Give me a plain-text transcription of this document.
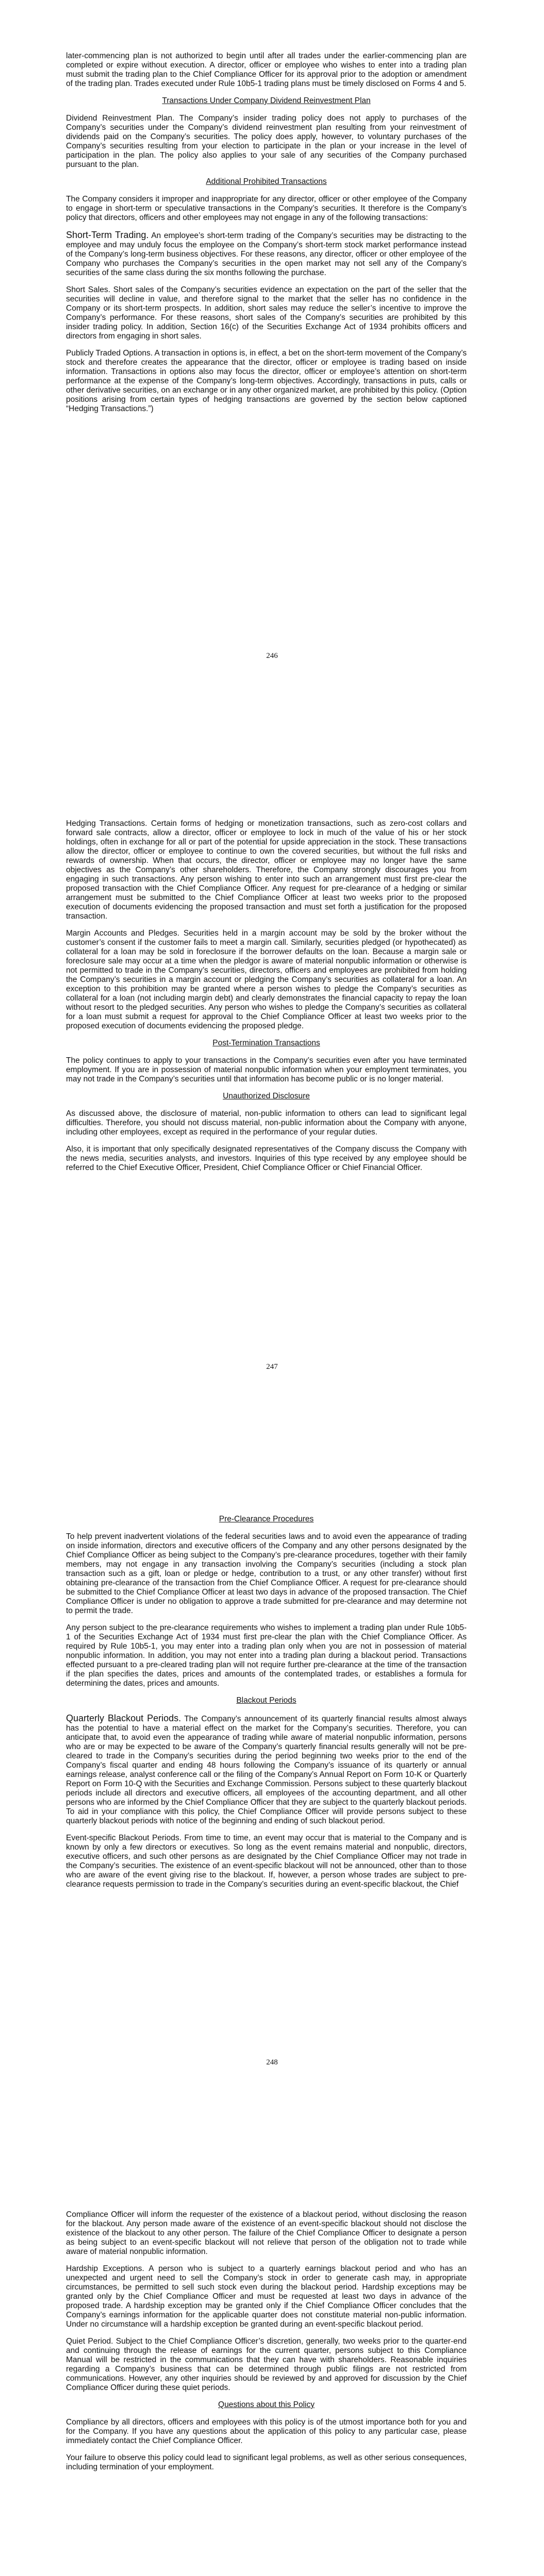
later-commencing plan is not authorized to begin until after all trades under the earlier-commencing plan are completed or expire without execution. A director, officer or employee who wishes to enter into a trading plan must submit the trading plan to the Chief Compliance Officer for its approval prior to the adoption or amendment of the trading plan. Trades executed under Rule 10b5-1 trading plans must be timely disclosed on Forms 4 and 5.

Transactions Under Company Dividend Reinvestment Plan

Dividend Reinvestment Plan. The Company’s insider trading policy does not apply to purchases of the Company’s securities under the Company’s dividend reinvestment plan resulting from your reinvestment of dividends paid on the Company’s securities. The policy does apply, however, to voluntary purchases of the Company’s securities resulting from your election to participate in the plan or your increase in the level of participation in the plan. The policy also applies to your sale of any securities of the Company purchased pursuant to the plan.

Additional Prohibited Transactions

The Company considers it improper and inappropriate for any director, officer or other employee of the Company to engage in short-term or speculative transactions in the Company’s securities. It therefore is the Company’s policy that directors, officers and other employees may not engage in any of the following transactions:

Short-Term Trading. An employee’s short-term trading of the Company’s securities may be distracting to the employee and may unduly focus the employee on the Company’s short-term stock market performance instead of the Company’s long-term business objectives. For these reasons, any director, officer or other employee of the Company who purchases the Company’s securities in the open market may not sell any of the Company’s securities of the same class during the six months following the purchase.

Short Sales. Short sales of the Company’s securities evidence an expectation on the part of the seller that the securities will decline in value, and therefore signal to the market that the seller has no confidence in the Company or its short-term prospects. In addition, short sales may reduce the seller’s incentive to improve the Company’s performance. For these reasons, short sales of the Company’s securities are prohibited by this insider trading policy. In addition, Section 16(c) of the Securities Exchange Act of 1934 prohibits officers and directors from engaging in short sales.

Publicly Traded Options. A transaction in options is, in effect, a bet on the short-term movement of the Company’s stock and therefore creates the appearance that the director, officer or employee is trading based on inside information. Transactions in options also may focus the director, officer or employee’s attention on short-term performance at the expense of the Company’s long-term objectives. Accordingly, transactions in puts, calls or other derivative securities, on an exchange or in any other organized market, are prohibited by this policy. (Option positions arising from certain types of hedging transactions are governed by the section below captioned “Hedging Transactions.”)

246

Hedging Transactions. Certain forms of hedging or monetization transactions, such as zero-cost collars and forward sale contracts, allow a director, officer or employee to lock in much of the value of his or her stock holdings, often in exchange for all or part of the potential for upside appreciation in the stock. These transactions allow the director, officer or employee to continue to own the covered securities, but without the full risks and rewards of ownership. When that occurs, the director, officer or employee may no longer have the same objectives as the Company’s other shareholders. Therefore, the Company strongly discourages you from engaging in such transactions. Any person wishing to enter into such an arrangement must first pre-clear the proposed transaction with the Chief Compliance Officer. Any request for pre-clearance of a hedging or similar arrangement must be submitted to the Chief Compliance Officer at least two weeks prior to the proposed execution of documents evidencing the proposed transaction and must set forth a justification for the proposed transaction.

Margin Accounts and Pledges. Securities held in a margin account may be sold by the broker without the customer’s consent if the customer fails to meet a margin call. Similarly, securities pledged (or hypothecated) as collateral for a loan may be sold in foreclosure if the borrower defaults on the loan. Because a margin sale or foreclosure sale may occur at a time when the pledgor is aware of material nonpublic information or otherwise is not permitted to trade in the Company’s securities, directors, officers and employees are prohibited from holding the Company’s securities in a margin account or pledging the Company’s securities as collateral for a loan. An exception to this prohibition may be granted where a person wishes to pledge the Company’s securities as collateral for a loan (not including margin debt) and clearly demonstrates the financial capacity to repay the loan without resort to the pledged securities. Any person who wishes to pledge the Company’s securities as collateral for a loan must submit a request for approval to the Chief Compliance Officer at least two weeks prior to the proposed execution of documents evidencing the proposed pledge.

Post-Termination Transactions

The policy continues to apply to your transactions in the Company’s securities even after you have terminated employment. If you are in possession of material nonpublic information when your employment terminates, you may not trade in the Company’s securities until that information has become public or is no longer material.

Unauthorized Disclosure

As discussed above, the disclosure of material, non-public information to others can lead to significant legal difficulties. Therefore, you should not discuss material, non-public information about the Company with anyone, including other employees, except as required in the performance of your regular duties.

Also, it is important that only specifically designated representatives of the Company discuss the Company with the news media, securities analysts, and investors. Inquiries of this type received by any employee should be referred to the Chief Executive Officer, President, Chief Compliance Officer or Chief Financial Officer.

247
Pre-Clearance Procedures

To help prevent inadvertent violations of the federal securities laws and to avoid even the appearance of trading on inside information, directors and executive officers of the Company and any other persons designated by the Chief Compliance Officer as being subject to the Company’s pre-clearance procedures, together with their family members, may not engage in any transaction involving the Company’s securities (including a stock plan transaction such as a gift, loan or pledge or hedge, contribution to a trust, or any other transfer) without first obtaining pre-clearance of the transaction from the Chief Compliance Officer. A request for pre-clearance should be submitted to the Chief Compliance Officer at least two days in advance of the proposed transaction. The Chief Compliance Officer is under no obligation to approve a trade submitted for pre-clearance and may determine not to permit the trade.

Any person subject to the pre-clearance requirements who wishes to implement a trading plan under Rule 10b5-1 of the Securities Exchange Act of 1934 must first pre-clear the plan with the Chief Compliance Officer. As required by Rule 10b5-1, you may enter into a trading plan only when you are not in possession of material nonpublic information. In addition, you may not enter into a trading plan during a blackout period. Transactions effected pursuant to a pre-cleared trading plan will not require further pre-clearance at the time of the transaction if the plan specifies the dates, prices and amounts of the contemplated trades, or establishes a formula for determining the dates, prices and amounts.

Blackout Periods

Quarterly Blackout Periods. The Company’s announcement of its quarterly financial results almost always has the potential to have a material effect on the market for the Company’s securities. Therefore, you can anticipate that, to avoid even the appearance of trading while aware of material nonpublic information, persons who are or may be expected to be aware of the Company’s quarterly financial results generally will not be pre-cleared to trade in the Company’s securities during the period beginning two weeks prior to the end of the Company’s fiscal quarter and ending 48 hours following the Company’s issuance of its quarterly or annual earnings release, analyst conference call or the filing of the Company’s Annual Report on Form 10-K or Quarterly Report on Form 10-Q with the Securities and Exchange Commission. Persons subject to these quarterly blackout periods include all directors and executive officers, all employees of the accounting department, and all other persons who are informed by the Chief Compliance Officer that they are subject to the quarterly blackout periods. To aid in your compliance with this policy, the Chief Compliance Officer will provide persons subject to these quarterly blackout periods with notice of the beginning and ending of such blackout period.

Event-specific Blackout Periods. From time to time, an event may occur that is material to the Company and is known by only a few directors or executives. So long as the event remains material and nonpublic, directors, executive officers, and such other persons as are designated by the Chief Compliance Officer may not trade in the Company’s securities. The existence of an event-specific blackout will not be announced, other than to those who are aware of the event giving rise to the blackout. If, however, a person whose trades are subject to pre-clearance requests permission to trade in the Company’s securities during an event-specific blackout, the Chief

248

Compliance Officer will inform the requester of the existence of a blackout period, without disclosing the reason for the blackout. Any person made aware of the existence of an event-specific blackout should not disclose the existence of the blackout to any other person. The failure of the Chief Compliance Officer to designate a person as being subject to an event-specific blackout will not relieve that person of the obligation not to trade while aware of material nonpublic information.

Hardship Exceptions. A person who is subject to a quarterly earnings blackout period and who has an unexpected and urgent need to sell the Company’s stock in order to generate cash may, in appropriate circumstances, be permitted to sell such stock even during the blackout period. Hardship exceptions may be granted only by the Chief Compliance Officer and must be requested at least two days in advance of the proposed trade. A hardship exception may be granted only if the Chief Compliance Officer concludes that the Company’s earnings information for the applicable quarter does not constitute material non-public information. Under no circumstance will a hardship exception be granted during an event-specific blackout period.

Quiet Period. Subject to the Chief Compliance Officer’s discretion, generally, two weeks prior to the quarter-end and continuing through the release of earnings for the current quarter, persons subject to this Compliance Manual will be restricted in the communications that they can have with shareholders. Reasonable inquiries regarding a Company’s business that can be determined through public filings are not restricted from communications. However, any other inquiries should be reviewed by and approved for discussion by the Chief Compliance Officer during these quiet periods.

Questions about this Policy

Compliance by all directors, officers and employees with this policy is of the utmost importance both for you and for the Company. If you have any questions about the application of this policy to any particular case, please immediately contact the Chief Compliance Officer.

Your failure to observe this policy could lead to significant legal problems, as well as other serious consequences, including termination of your employment.
